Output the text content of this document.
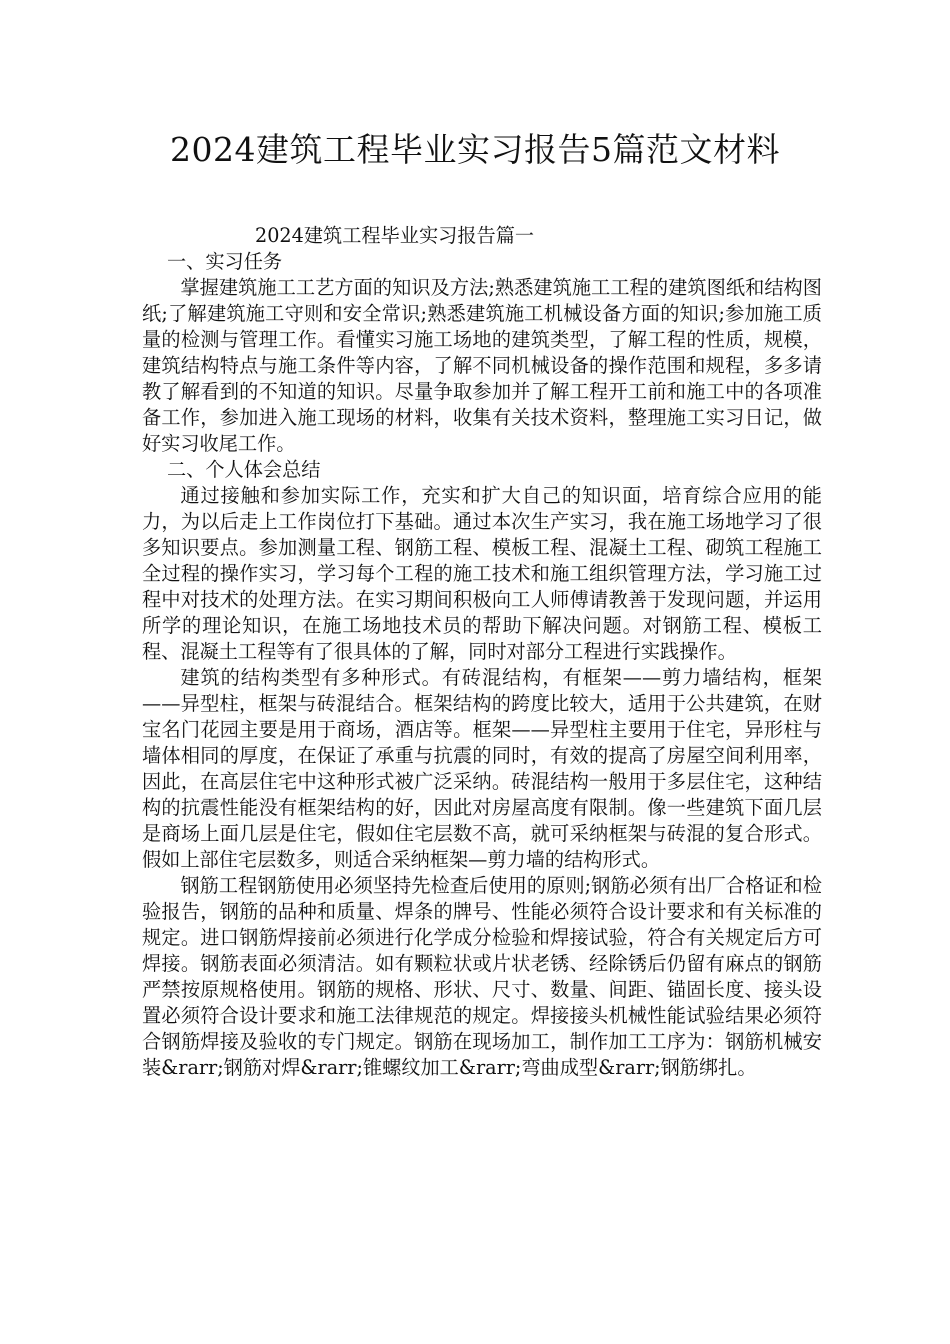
2024建筑工程毕业实习报告5篇范文材料

2024建筑工程毕业实习报告篇一

一、实习任务

掌握建筑施工工艺方面的知识及方法;熟悉建筑施工工程的建筑图纸和结构图纸;了解建筑施工守则和安全常识;熟悉建筑施工机械设备方面的知识;参加施工质量的检测与管理工作。看懂实习施工场地的建筑类型，了解工程的性质，规模，建筑结构特点与施工条件等内容，了解不同机械设备的操作范围和规程，多多请教了解看到的不知道的知识。尽量争取参加并了解工程开工前和施工中的各项准备工作，参加进入施工现场的材料，收集有关技术资料，整理施工实习日记，做好实习收尾工作。

二、个人体会总结

通过接触和参加实际工作，充实和扩大自己的知识面，培育综合应用的能力，为以后走上工作岗位打下基础。通过本次生产实习，我在施工场地学习了很多知识要点。参加测量工程、钢筋工程、模板工程、混凝土工程、砌筑工程施工全过程的操作实习，学习每个工程的施工技术和施工组织管理方法，学习施工过程中对技术的处理方法。在实习期间积极向工人师傅请教善于发现问题，并运用所学的理论知识，在施工场地技术员的帮助下解决问题。对钢筋工程、模板工程、混凝土工程等有了很具体的了解，同时对部分工程进行实践操作。

建筑的结构类型有多种形式。有砖混结构，有框架——剪力墙结构，框架——异型柱，框架与砖混结合。框架结构的跨度比较大，适用于公共建筑，在财宝名门花园主要是用于商场，酒店等。框架——异型柱主要用于住宅，异形柱与墙体相同的厚度，在保证了承重与抗震的同时，有效的提高了房屋空间利用率，因此，在高层住宅中这种形式被广泛采纳。砖混结构一般用于多层住宅，这种结构的抗震性能没有框架结构的好，因此对房屋高度有限制。像一些建筑下面几层是商场上面几层是住宅，假如住宅层数不高，就可采纳框架与砖混的复合形式。假如上部住宅层数多，则适合采纳框架—剪力墙的结构形式。

钢筋工程钢筋使用必须坚持先检查后使用的原则;钢筋必须有出厂合格证和检验报告，钢筋的品种和质量、焊条的牌号、性能必须符合设计要求和有关标准的规定。进口钢筋焊接前必须进行化学成分检验和焊接试验，符合有关规定后方可焊接。钢筋表面必须清洁。如有颗粒状或片状老锈、经除锈后仍留有麻点的钢筋严禁按原规格使用。钢筋的规格、形状、尺寸、数量、间距、锚固长度、接头设置必须符合设计要求和施工法律规范的规定。焊接接头机械性能试验结果必须符合钢筋焊接及验收的专门规定。钢筋在现场加工，制作加工工序为：钢筋机械安装&rarr;钢筋对焊&rarr;锥螺纹加工&rarr;弯曲成型&rarr;钢筋绑扎。
